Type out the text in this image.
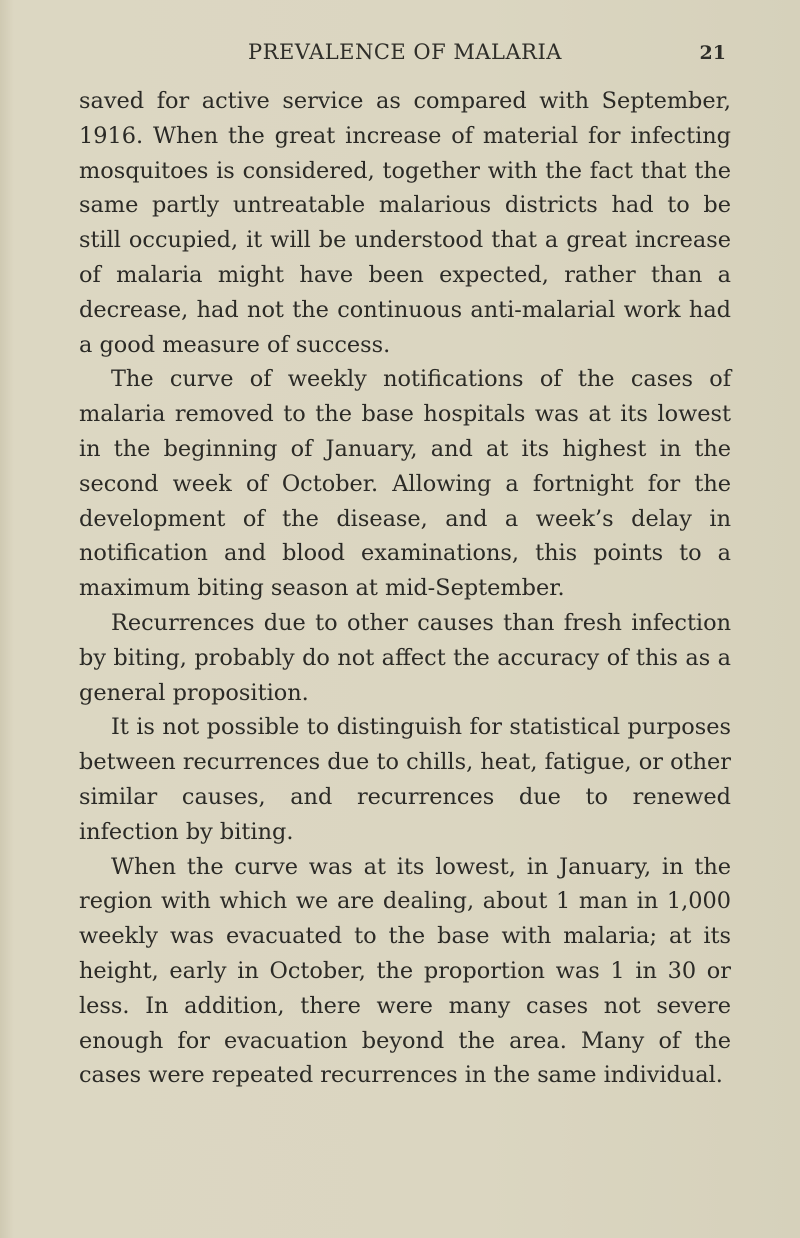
PREVALENCE OF MALARIA	21

saved for active service as compared with September, 1916. When the great increase of material for infecting mosquitoes is considered, together with the fact that the same partly untreatable malarious districts had to be still occupied, it will be understood that a great increase of malaria might have been expected, rather than a decrease, had not the continuous anti-malarial work had a good measure of success.

The curve of weekly notifications of the cases of malaria removed to the base hospitals was at its lowest in the beginning of January, and at its highest in the second week of October. Allowing a fortnight for the development of the disease, and a week’s delay in notification and blood examinations, this points to a maximum biting season at mid-September.

Recurrences due to other causes than fresh infection by biting, probably do not affect the accuracy of this as a general proposition.

It is not possible to distinguish for statistical purposes between recurrences due to chills, heat, fatigue, or other similar causes, and recurrences due to renewed infection by biting.

When the curve was at its lowest, in January, in the region with which we are dealing, about 1 man in 1,000 weekly was evacuated to the base with malaria; at its height, early in October, the proportion was 1 in 30 or less. In addition, there were many cases not severe enough for evacuation beyond the area. Many of the cases were repeated recurrences in the same individual.
